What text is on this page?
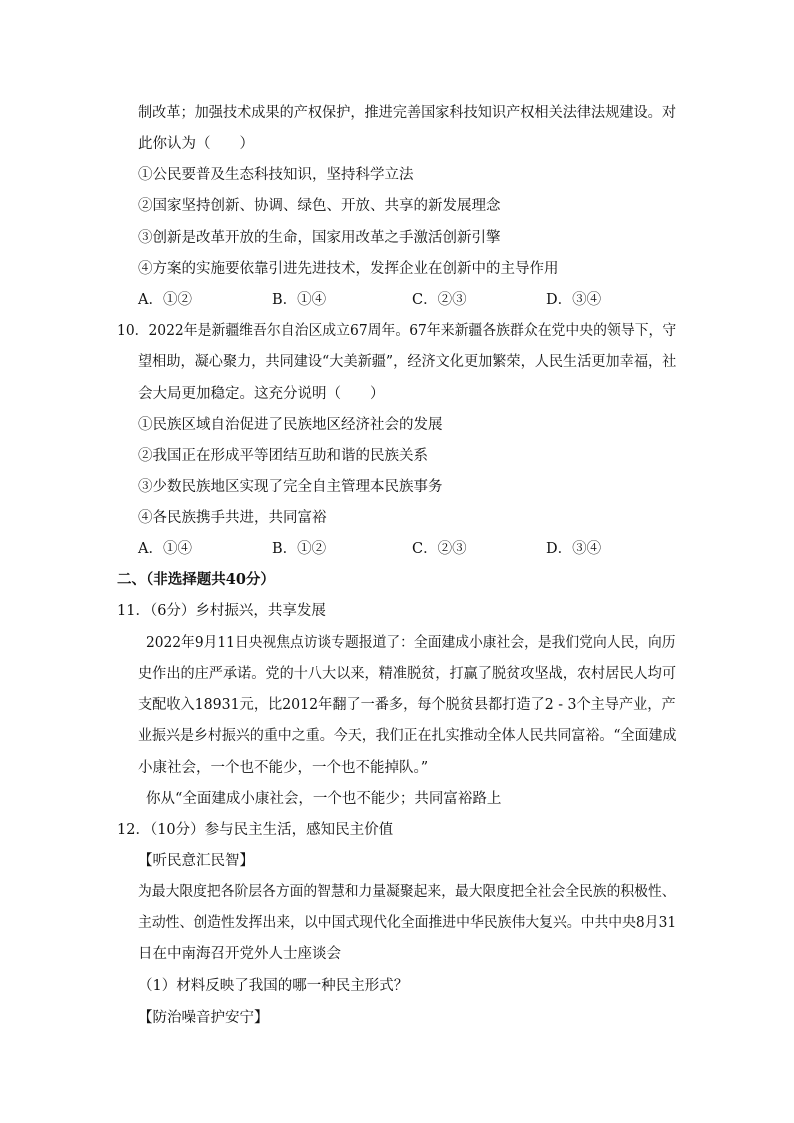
制改革；加强技术成果的产权保护，推进完善国家科技知识产权相关法律法规建设。对
此你认为（　　）
①公民要普及生态科技知识，坚持科学立法
②国家坚持创新、协调、绿色、开放、共享的新发展理念
③创新是改革开放的生命，国家用改革之手激活创新引擎
④方案的实施要依靠引进先进技术，发挥企业在创新中的主导作用
A．①②	B．①④	C．②③	D．③④
10．2022年是新疆维吾尔自治区成立67周年。67年来新疆各族群众在党中央的领导下，守
望相助，凝心聚力，共同建设“大美新疆”，经济文化更加繁荣，人民生活更加幸福，社
会大局更加稳定。这充分说明（　　）
①民族区域自治促进了民族地区经济社会的发展
②我国正在形成平等团结互助和谐的民族关系
③少数民族地区实现了完全自主管理本民族事务
④各民族携手共进，共同富裕
A．①④	B．①②	C．②③	D．③④
二、（非选择题共40分）
11．（6分）乡村振兴，共享发展
2022年9月11日央视焦点访谈专题报道了：全面建成小康社会，是我们党向人民，向历
史作出的庄严承诺。党的十八大以来，精准脱贫，打赢了脱贫攻坚战，农村居民人均可
支配收入18931元，比2012年翻了一番多，每个脱贫县都打造了2 - 3个主导产业，产
业振兴是乡村振兴的重中之重。今天，我们正在扎实推动全体人民共同富裕。“全面建成
小康社会，一个也不能少，一个也不能掉队。”
你从“全面建成小康社会，一个也不能少；共同富裕路上
12．（10分）参与民主生活，感知民主价值
【听民意汇民智】
为最大限度把各阶层各方面的智慧和力量凝聚起来，最大限度把全社会全民族的积极性、
主动性、创造性发挥出来，以中国式现代化全面推进中华民族伟大复兴。中共中央8月31
日在中南海召开党外人士座谈会
（1）材料反映了我国的哪一种民主形式？
【防治噪音护安宁】
